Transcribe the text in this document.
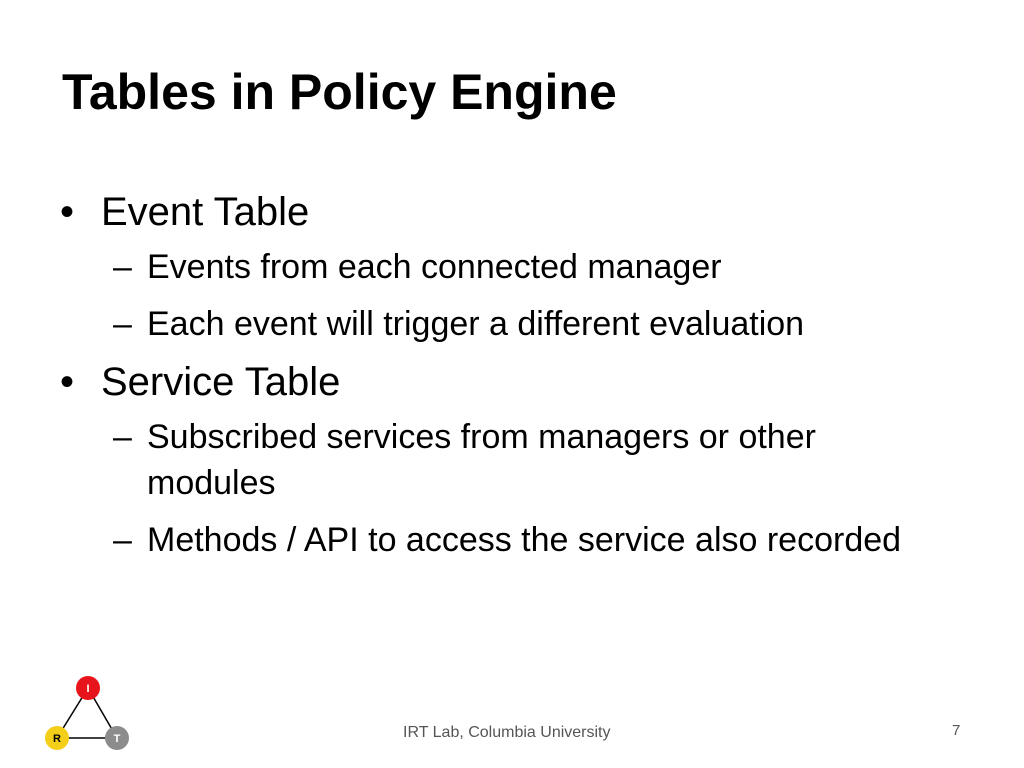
Tables in Policy Engine
• Event Table
– Events from each connected manager
– Each event will trigger a different evaluation
• Service Table
– Subscribed services from managers or other modules
– Methods / API to access the service also recorded
I
R	T	IRT Lab, Columbia University	7
